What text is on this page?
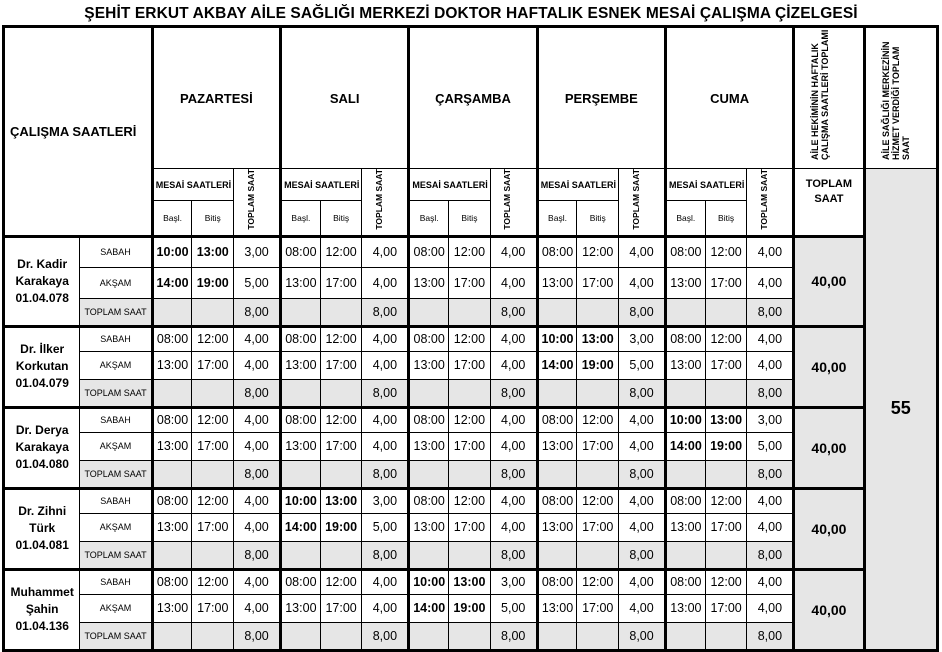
ŞEHİT ERKUT AKBAY AİLE SAĞLIĞI MERKEZİ DOKTOR HAFTALIK ESNEK MESAİ ÇALIŞMA ÇİZELGESİ
ÇALIŞMA SAATLERİ		PAZARTESİ			SALI			ÇARŞAMBA			PERŞEMBE			CUMA			AİLE HEKİMİNİN HAFTALIK ÇALIŞMA SAATLERİ TOPLAMI	AİLE SAĞLIĞI MERKEZİNİN HİZMET VERDİĞİ TOPLAM SAAT
		MESAİ SAATLERİ		TOPLAM SAAT	MESAİ SAATLERİ		TOPLAM SAAT	MESAİ SAATLERİ		TOPLAM SAAT	MESAİ SAATLERİ		TOPLAM SAAT	MESAİ SAATLERİ		TOPLAM SAAT	TOPLAM SAAT	55
		Başl.	Bitiş		Başl.	Bitiş		Başl.	Bitiş		Başl.	Bitiş		Başl.	Bitiş			

Dr. Kadir
Karakaya
01.04.078	SABAH	10:00	13:00	3,00	08:00	12:00	4,00	08:00	12:00	4,00	08:00	12:00	4,00	08:00	12:00	4,00	40,00	
	AKŞAM	14:00	19:00	5,00	13:00	17:00	4,00	13:00	17:00	4,00	13:00	17:00	4,00	13:00	17:00	4,00		
	TOPLAM SAAT			8,00			8,00			8,00			8,00			8,00		

Dr. İlker
Korkutan
01.04.079	SABAH	08:00	12:00	4,00	08:00	12:00	4,00	08:00	12:00	4,00	10:00	13:00	3,00	08:00	12:00	4,00	40,00	
	AKŞAM	13:00	17:00	4,00	13:00	17:00	4,00	13:00	17:00	4,00	14:00	19:00	5,00	13:00	17:00	4,00		
	TOPLAM SAAT			8,00			8,00			8,00			8,00			8,00		

Dr. Derya
Karakaya
01.04.080	SABAH	08:00	12:00	4,00	08:00	12:00	4,00	08:00	12:00	4,00	08:00	12:00	4,00	10:00	13:00	3,00	40,00	
	AKŞAM	13:00	17:00	4,00	13:00	17:00	4,00	13:00	17:00	4,00	13:00	17:00	4,00	14:00	19:00	5,00		
	TOPLAM SAAT			8,00			8,00			8,00			8,00			8,00		

Dr. Zihni
Türk
01.04.081	SABAH	08:00	12:00	4,00	10:00	13:00	3,00	08:00	12:00	4,00	08:00	12:00	4,00	08:00	12:00	4,00	40,00	
	AKŞAM	13:00	17:00	4,00	14:00	19:00	5,00	13:00	17:00	4,00	13:00	17:00	4,00	13:00	17:00	4,00		
	TOPLAM SAAT			8,00			8,00			8,00			8,00			8,00		

Muhammet
Şahin
01.04.136	SABAH	08:00	12:00	4,00	08:00	12:00	4,00	10:00	13:00	3,00	08:00	12:00	4,00	08:00	12:00	4,00	40,00	
	AKŞAM	13:00	17:00	4,00	13:00	17:00	4,00	14:00	19:00	5,00	13:00	17:00	4,00	13:00	17:00	4,00		
	TOPLAM SAAT			8,00			8,00			8,00			8,00			8,00		
